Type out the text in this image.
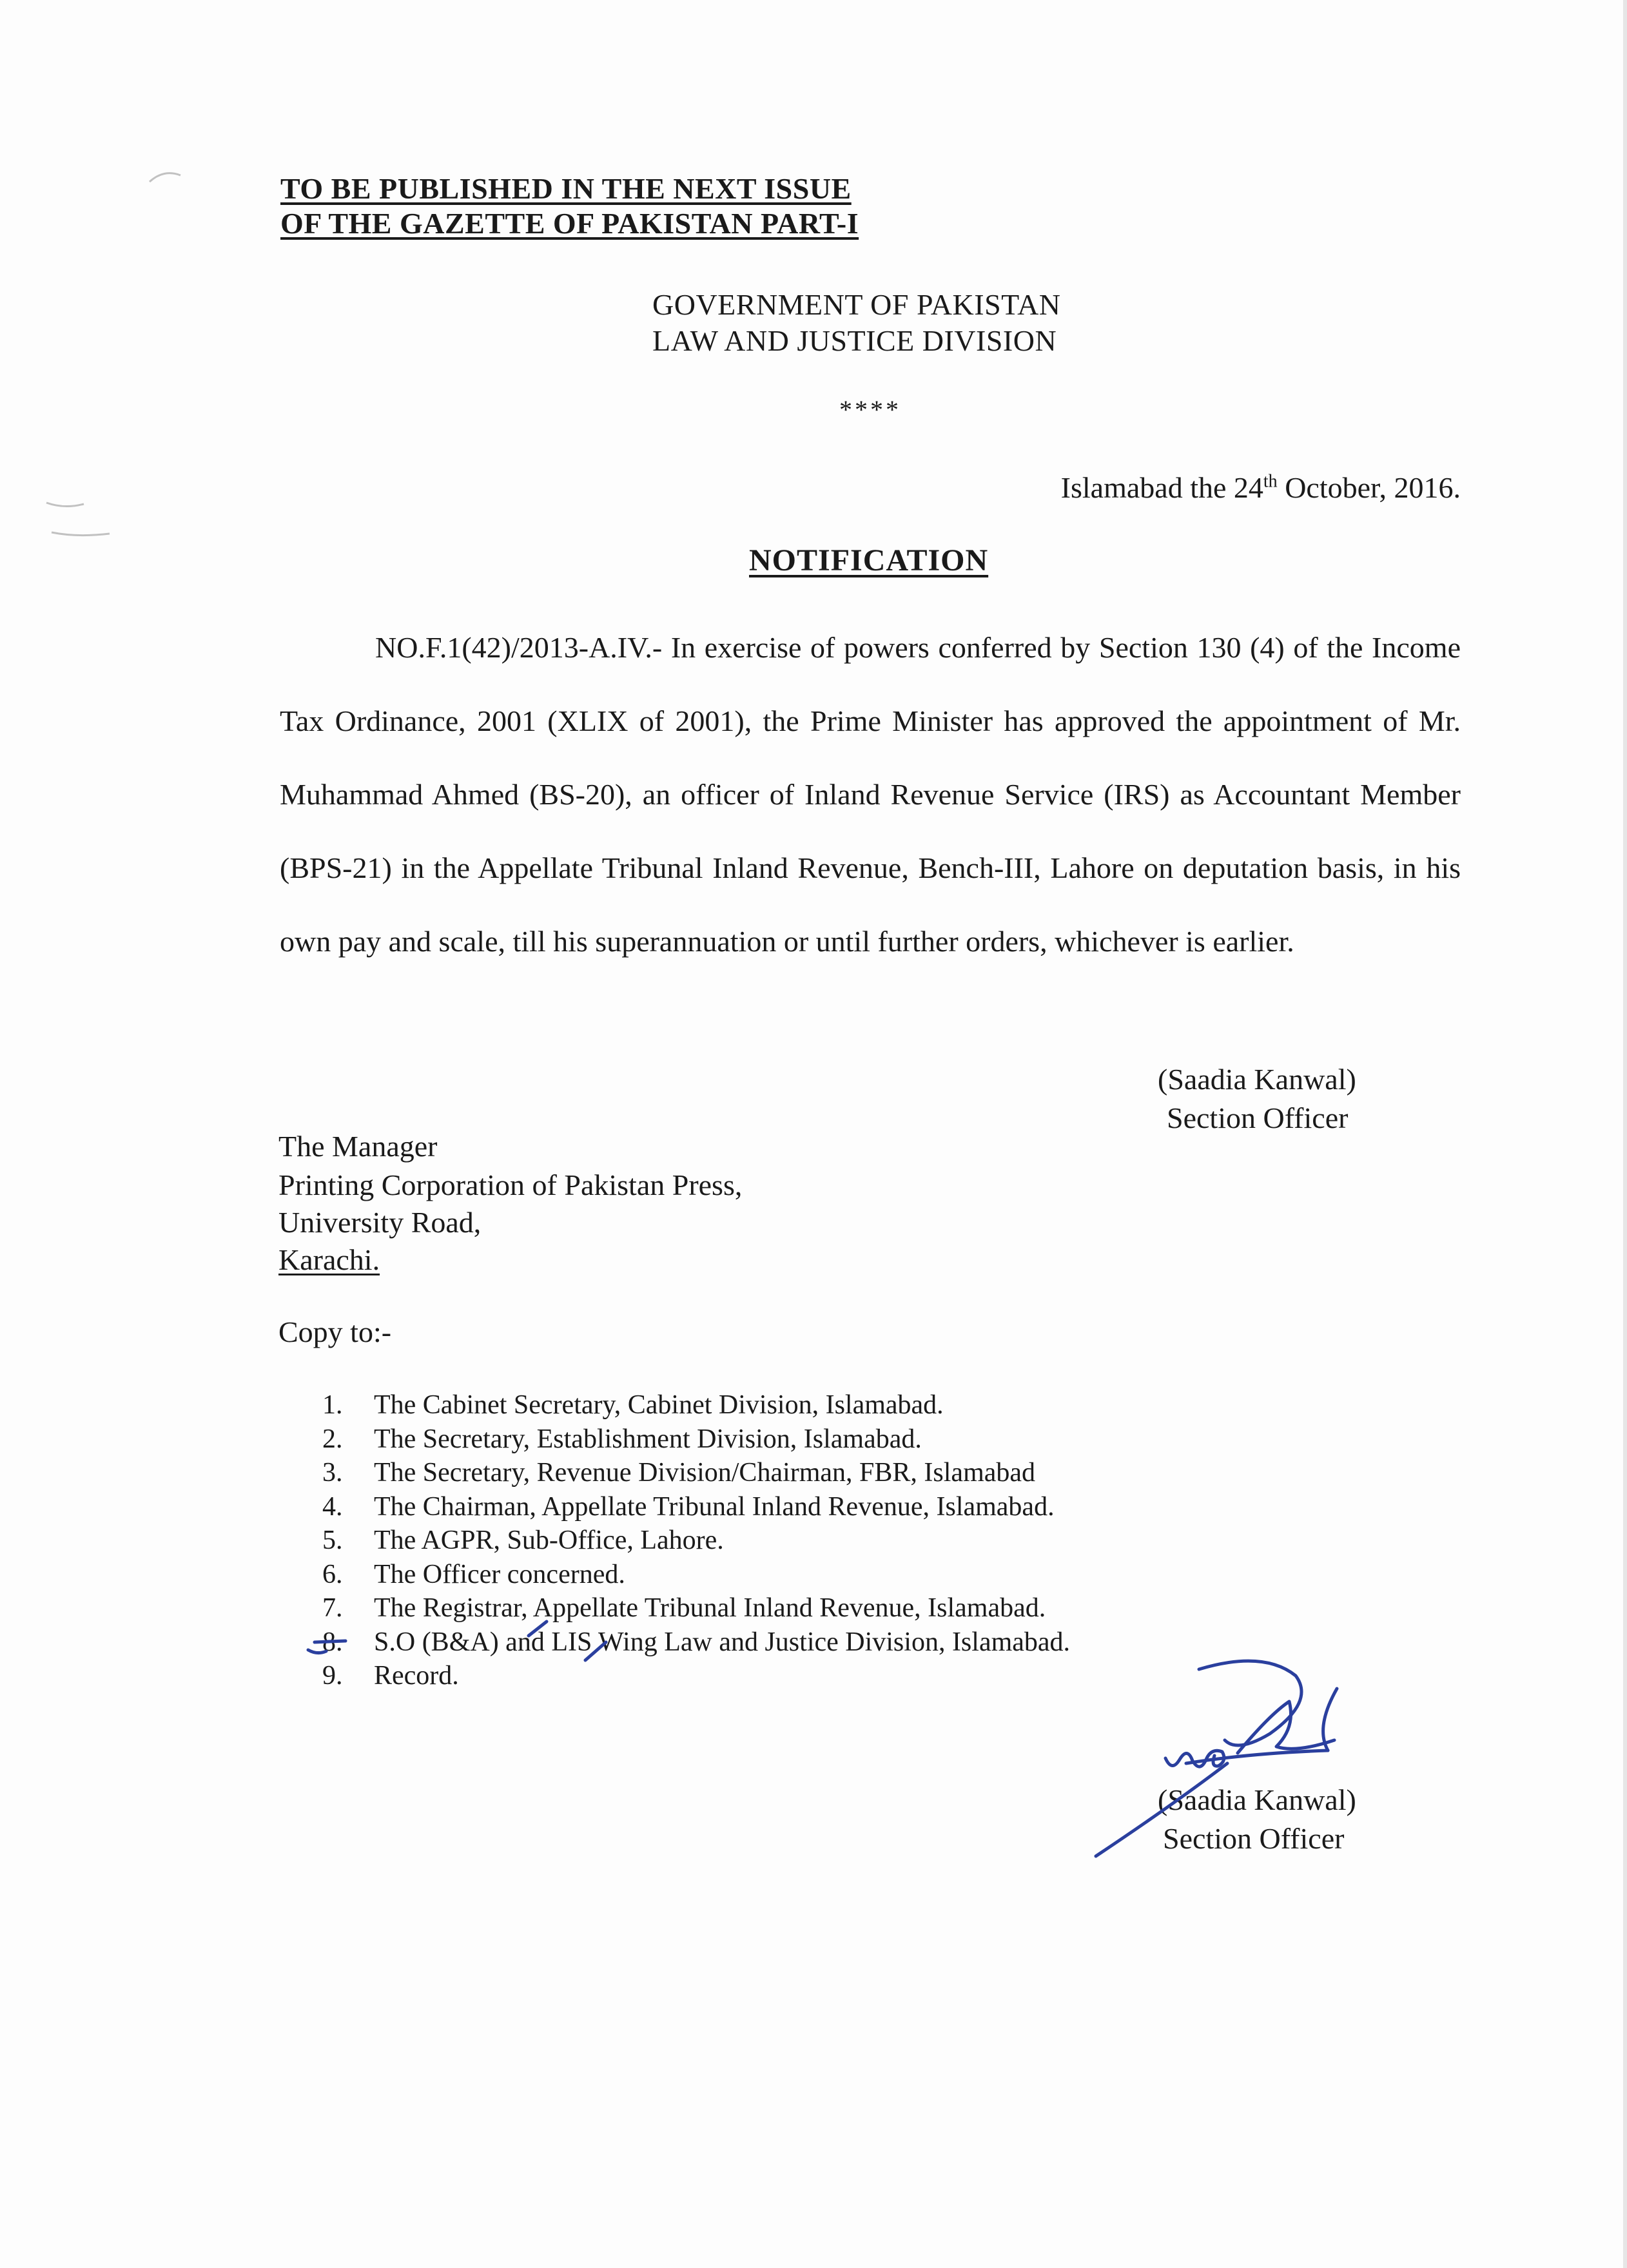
TO BE PUBLISHED IN THE NEXT ISSUE
OF THE GAZETTE OF PAKISTAN PART-I
GOVERNMENT OF PAKISTAN
LAW AND JUSTICE DIVISION
****
Islamabad the 24th October, 2016.
NOTIFICATION
NO.F.1(42)/2013-A.IV.- In exercise of powers conferred by Section 130 (4) of the Income Tax Ordinance, 2001 (XLIX of 2001), the Prime Minister has approved the appointment of Mr. Muhammad Ahmed (BS-20), an officer of Inland Revenue Service (IRS) as Accountant Member (BPS-21) in the Appellate Tribunal Inland Revenue, Bench-III, Lahore on deputation basis, in his own pay and scale, till his superannuation or until further orders, whichever is earlier.
(Saadia Kanwal)
Section Officer
The Manager
Printing Corporation of Pakistan Press,
University Road,
Karachi.
Copy to:-
1. The Cabinet Secretary, Cabinet Division, Islamabad.
2. The Secretary, Establishment Division, Islamabad.
3. The Secretary, Revenue Division/Chairman, FBR, Islamabad
4. The Chairman, Appellate Tribunal Inland Revenue, Islamabad.
5. The AGPR, Sub-Office, Lahore.
6. The Officer concerned.
7. The Registrar, Appellate Tribunal Inland Revenue, Islamabad.
8. S.O (B&A) and LIS Wing Law and Justice Division, Islamabad.
9. Record.
(Saadia Kanwal)
Section Officer
